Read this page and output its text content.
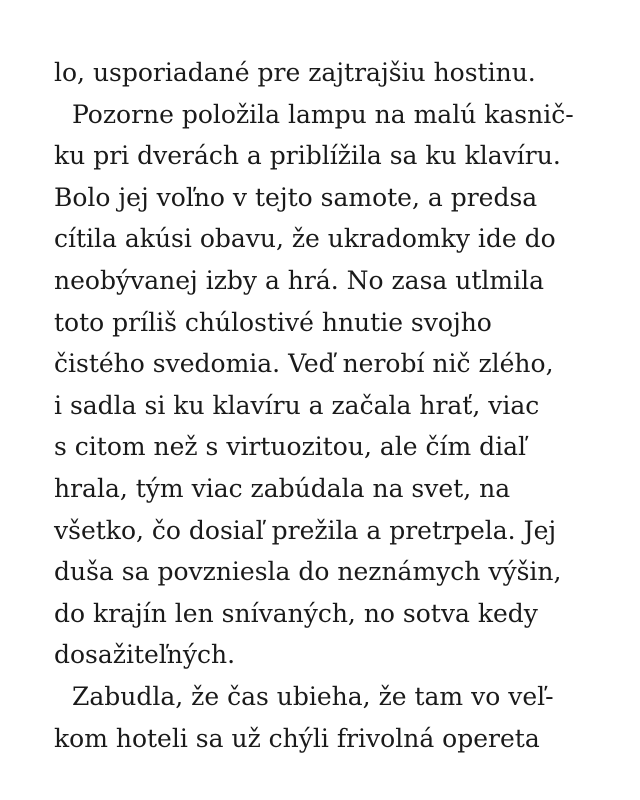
lo, usporiadané pre zajtrajšiu hostinu.
Pozorne položila lampu na malú kasnič-
ku pri dverách a priblížila sa ku klavíru.
Bolo jej voľno v tejto samote, a predsa
cítila akúsi obavu, že ukradomky ide do
neobývanej izby a hrá. No zasa utlmila
toto príliš chúlostivé hnutie svojho
čistého svedomia. Veď nerobí nič zlého,
i sadla si ku klavíru a začala hrať, viac
s citom než s virtuozitou, ale čím diaľ
hrala, tým viac zabúdala na svet, na
všetko, čo dosiaľ prežila a pretrpela. Jej
duša sa povzniesla do neznámych výšin,
do krajín len snívaných, no sotva kedy
dosažiteľných.
Zabudla, že čas ubieha, že tam vo veľ-
kom hoteli sa už chýli frivolná opereta
